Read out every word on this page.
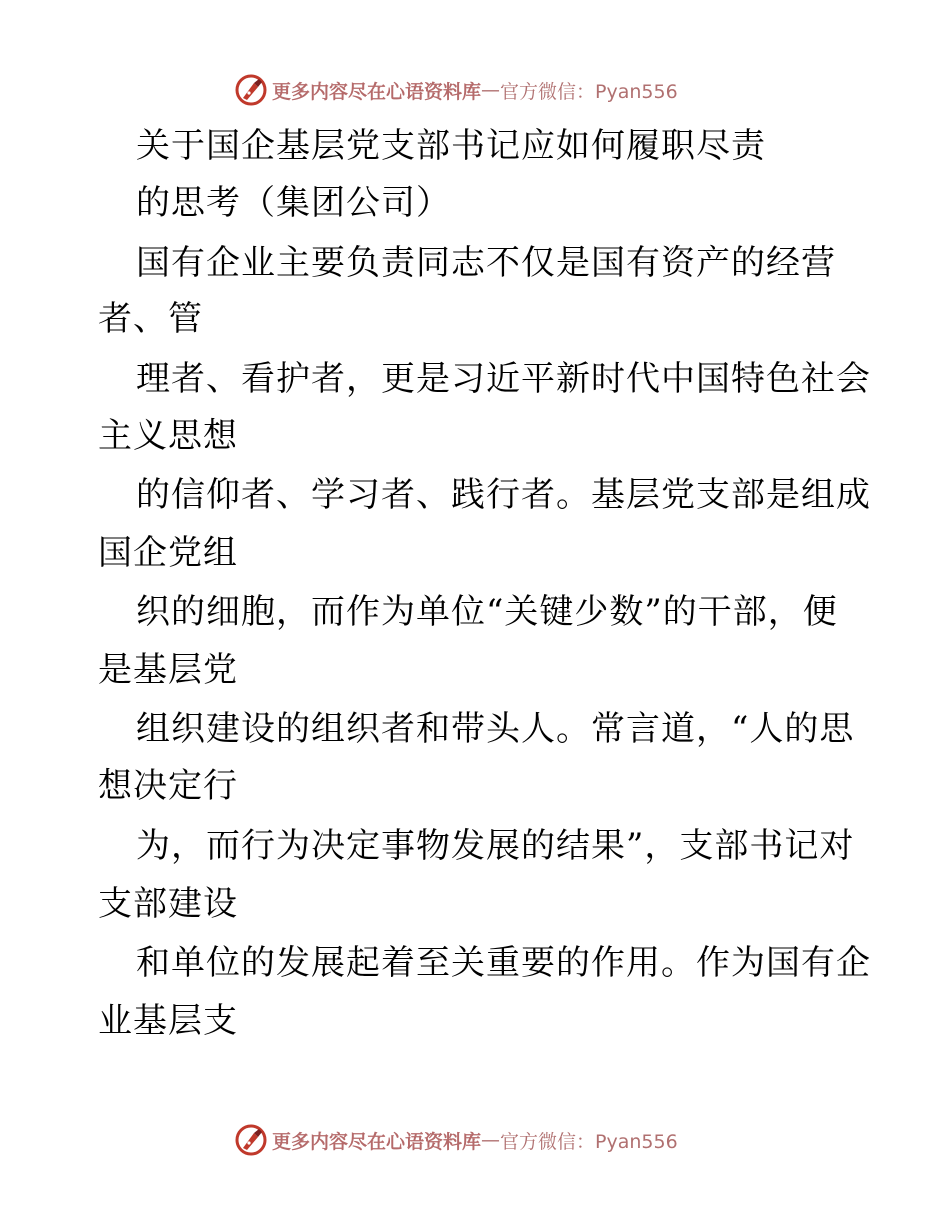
更多内容尽在心语资料库 — 官方微信：Pyan556
关于国企基层党支部书记应如何履职尽责
的思考（集团公司）
国有企业主要负责同志不仅是国有资产的经营
者、管
理者、看护者，更是习近平新时代中国特色社会
主义思想
的信仰者、学习者、践行者。基层党支部是组成
国企党组
织的细胞，而作为单位“关键少数”的干部，便
是基层党
组织建设的组织者和带头人。常言道，“人的思
想决定行
为，而行为决定事物发展的结果”，支部书记对
支部建设
和单位的发展起着至关重要的作用。作为国有企
业基层支
更多内容尽在心语资料库 — 官方微信：Pyan556
